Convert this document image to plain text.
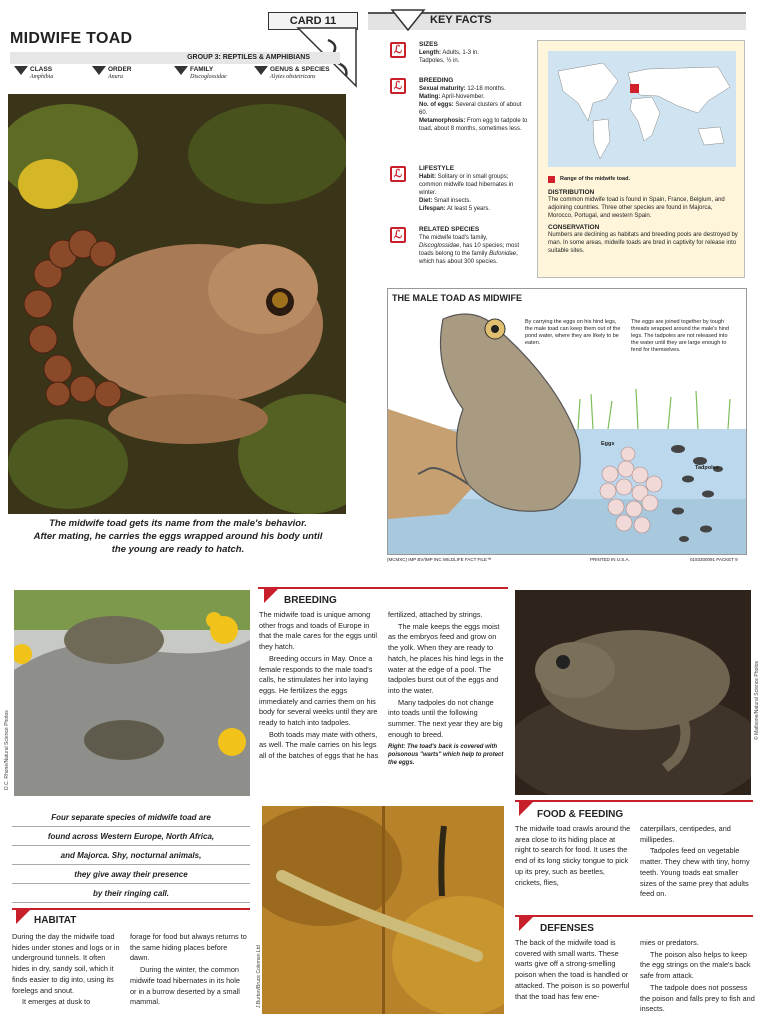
CARD 11
MIDWIFE TOAD
GROUP 3: REPTILES & AMPHIBIANS
CLASS
Amphibia
ORDER
Anura
FAMILY
Discoglossidae
GENUS & SPECIES
Alytes obstetricans
The midwife toad gets its name from the male's behavior.
After mating, he carries the eggs wrapped around his body until
the young are ready to hatch.
KEY FACTS
ℒ	SIZES
Length: Adults, 1-3 in.
Tadpoles, ½ in.
ℒ	BREEDING
Sexual maturity: 12-18 months.
Mating: April-November.
No. of eggs: Several clusters of about 60.
Metamorphosis: From egg to tadpole to toad, about 8 months, sometimes less.
ℒ	LIFESTYLE
Habit: Solitary or in small groups; common midwife toad hibernates in winter.
Diet: Small insects.
Lifespan: At least 5 years.
ℒ	RELATED SPECIES
The midwife toad's family, Discoglossidae, has 10 species; most toads belong to the family Bufonidae, which has about 300 species.
Range of the midwife toad.
DISTRIBUTION
The common midwife toad is found in Spain, France, Belgium, and adjoining countries. Three other species are found in Majorca, Morocco, Portugal, and western Spain.
CONSERVATION
Numbers are declining as habitats and breeding pools are destroyed by man. In some areas, midwife toads are bred in captivity for release into suitable sites.
THE MALE TOAD AS MIDWIFE
By carrying the eggs on his hind legs, the male toad can keep them out of the pond water, where they are likely to be eaten.
The eggs are joined together by tough threads wrapped around the male's hind legs. The tadpoles are not released into the water until they are large enough to fend for themselves.
Eggs
Tadpoles
(MCMXC) IMP BV/IMP INC WILDLIFE FACT FILE™	PRINTED IN U.S.A.	0193300091 PACKET 9
D.C. Rhone/Natural Science Photos
BREEDING

The midwife toad is unique among other frogs and toads of Europe in that the male cares for the eggs until they hatch.

Breeding occurs in May. Once a female responds to the male toad's calls, he stimulates her into laying eggs. He fertilizes the eggs immediately and carries them on his body for several weeks until they are ready to hatch into tadpoles.

Both toads may mate with others, as well. The male carries on his legs all of the batches of eggs that he has

fertilized, attached by strings.

The male keeps the eggs moist as the embryos feed and grow on the yolk. When they are ready to hatch, he places his hind legs in the water at the edge of a pool. The tadpoles burst out of the eggs and into the water.

Many tadpoles do not change into toads until the following summer. The next year they are big enough to breed.

Right: The toad's back is covered with poisonous "warts" which help to protect the eggs.

© Matlsone/Natural Science Photos
Four separate species of midwife toad are
found across Western Europe, North Africa,
and Majorca. Shy, nocturnal animals,
they give away their presence
by their ringing call.
J.Burton/Bruce Coleman Ltd
HABITAT

During the day the midwife toad hides under stones and logs or in underground tunnels. It often hides in dry, sandy soil, which it finds easier to dig into, using its forelegs and snout.

It emerges at dusk to

forage for food but always returns to the same hiding places before dawn.

During the winter, the common midwife toad hibernates in its hole or in a burrow deserted by a small mammal.

FOOD & FEEDING

The midwife toad crawls around the area close to its hiding place at night to search for food. It uses the end of its long sticky tongue to pick up its prey, such as beetles, crickets, flies,

caterpillars, centipedes, and millipedes.

Tadpoles feed on vegetable matter. They chew with tiny, horny teeth. Young toads eat smaller sizes of the same prey that adults feed on.

DEFENSES

The back of the midwife toad is covered with small warts. These warts give off a strong-smelling poison when the toad is handled or attacked. The poison is so powerful that the toad has few ene-

mies or predators.

The poison also helps to keep the egg strings on the male's back safe from attack.

The tadpole does not possess the poison and falls prey to fish and insects.
